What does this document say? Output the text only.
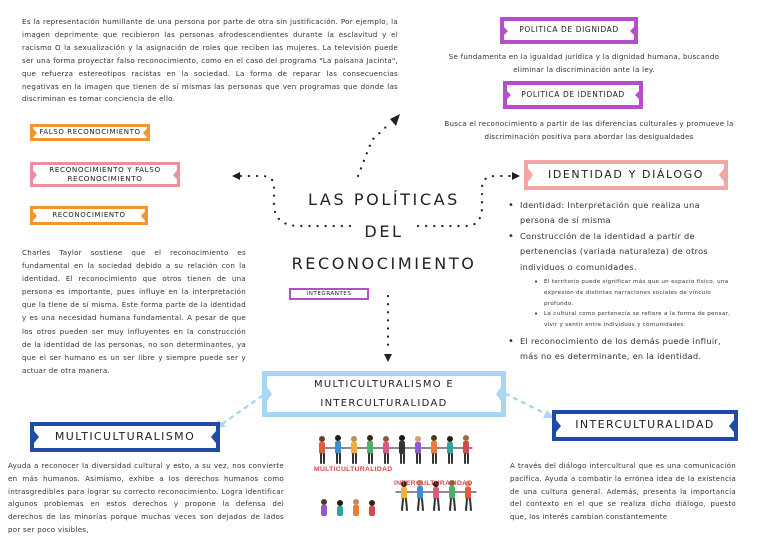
Es la representación humillante de una persona por parte de otra sin justificación. Por ejemplo, la imagen deprimente que recibieron las personas afrodescendientes durante la esclavitud y el racismo O la sexualización y la asignación de roles que reciben las mujeres. La televisión puede ser una forma proyectar falso reconocimiento, como en el caso del programa "La paisana Jacinta", que refuerza estereotipos racistas en la sociedad. La forma de reparar las consecuencias negativas en la imagen que tienen de sí mismas las personas que ven programas que donde las discriminan es tomar conciencia de ello.

FALSO RECONOCIMIENTO
RECONOCIMIENTO Y FALSO RECONOCIMIENTO
RECONOCIMIENTO

Charles Taylor sostiene que el reconocimiento es fundamental en la sociedad debido a su relación con la identidad. El reconocimiento que otros tienen de una persona es importante, pues influye en la interpretación que la tiene de sí misma. Este forma parte de la identidad y es una necesidad humana fundamental. A pesar de que los otros pueden ser muy influyentes en la construcción de la identidad de las personas, no son determinantes, ya que el ser humano es un ser libre y siempre puede ser y actuar de otra manera.

LAS POLÍTICAS
DEL
RECONOCIMIENTO
INTEGRANTES
POLITICA DE DIGNIDAD

Se fundamenta en la igualdad jurídica y la dignidad humana, buscando eliminar la discriminación ante la ley.

POLITICA DE IDENTIDAD

Busca el reconocimiento a partir de las diferencias culturales y promueve la discriminación positiva para abordar las desigualdades

IDENTIDAD Y DIÁLOGO
• Identidad: Interpretación que realiza una persona de sí misma
• Construcción de la identidad a partir de pertenencias (variada naturaleza) de otros individuos o comunidades.
• El territorio puede significar más que un espacio físico, una expresión de distintas narraciones sociales de vínculo profundo.
• La cultural como pertenecía se refiere a la forma de pensar, vivir y sentir entre individuos y comunidades.
• El reconocimiento de los demás puede influir, más no es determinante, en la identidad.
MULTICULTURALISMO E
INTERCULTURALIDAD
MULTICULTURALISMO

Ayuda a reconocer la diversidad cultural y esto, a su vez, nos convierte en más humanos. Asimismo, exhibe a los derechos humanos como intrasgredibles para lograr su correcto reconocimiento. Logra identificar algunos problemas en estos derechos y propone la defensa del derechos de las minorías porque muchas veces son dejados de lados por ser poco visibles,

INTERCULTURALIDAD

A través del diálogo intercultural que es una comunicación pacífica. Ayuda a combatir la errónea idea de la existencia de una cultura general. Además, presenta la importancia del contexto en el que se realiza dicho diálogo, puesto que, los interés cambian constantemente

MULTICULTURALIDAD
INTERCULTURALIDAD
